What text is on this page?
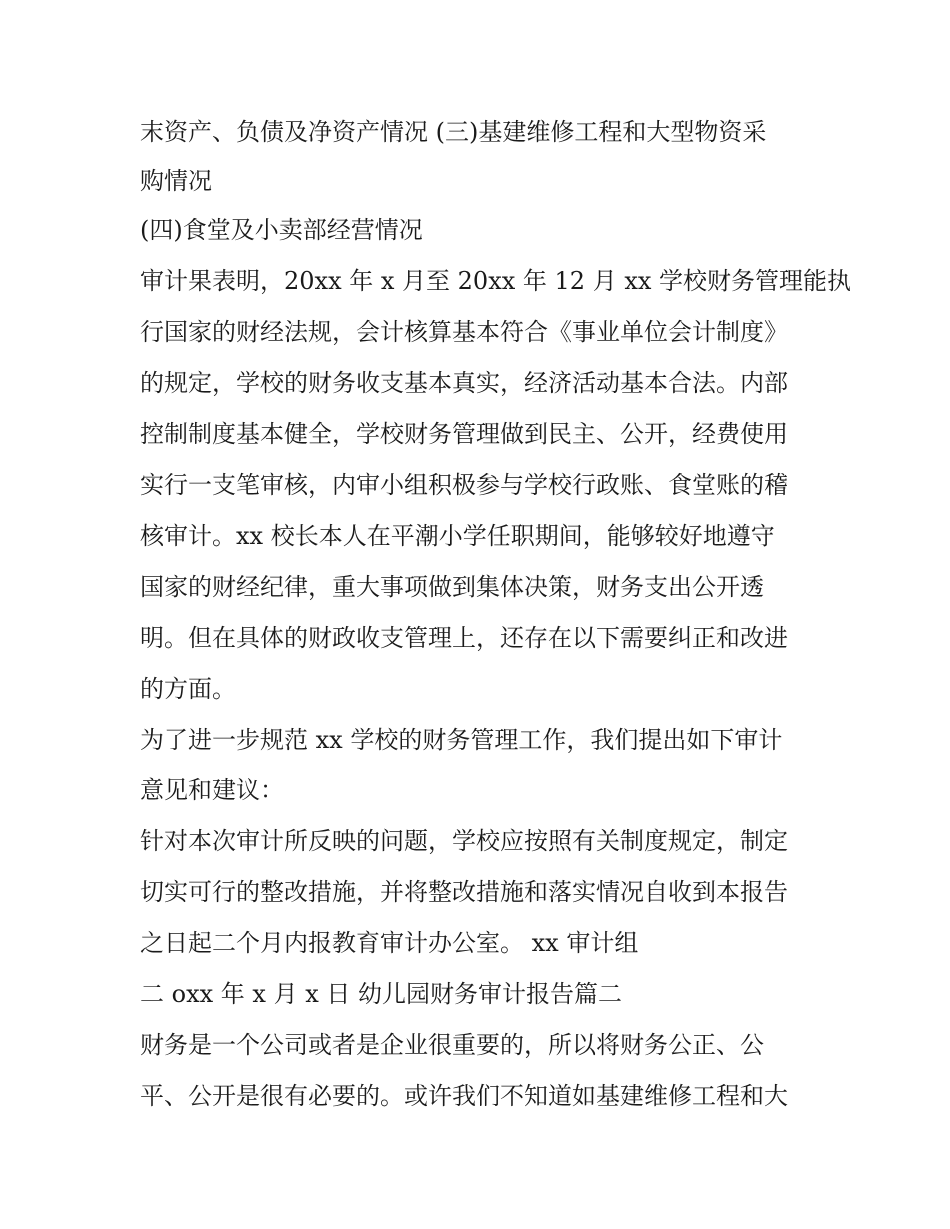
末资产、负债及净资产情况 (三)基建维修工程和大型物资采

购情况

(四)食堂及小卖部经营情况

审计果表明，20xx 年 x 月至 20xx 年 12 月 xx 学校财务管理能执

行国家的财经法规，会计核算基本符合《事业单位会计制度》

的规定，学校的财务收支基本真实，经济活动基本合法。内部

控制制度基本健全，学校财务管理做到民主、公开，经费使用

实行一支笔审核，内审小组积极参与学校行政账、食堂账的稽

核审计。xx 校长本人在平潮小学任职期间，能够较好地遵守

国家的财经纪律，重大事项做到集体决策，财务支出公开透

明。但在具体的财政收支管理上，还存在以下需要纠正和改进

的方面。

为了进一步规范 xx 学校的财务管理工作，我们提出如下审计

意见和建议：

针对本次审计所反映的问题，学校应按照有关制度规定，制定

切实可行的整改措施，并将整改措施和落实情况自收到本报告

之日起二个月内报教育审计办公室。 xx 审计组

二 oxx 年 x 月 x 日 幼儿园财务审计报告篇二

财务是一个公司或者是企业很重要的，所以将财务公正、公

平、公开是很有必要的。或许我们不知道如基建维修工程和大
